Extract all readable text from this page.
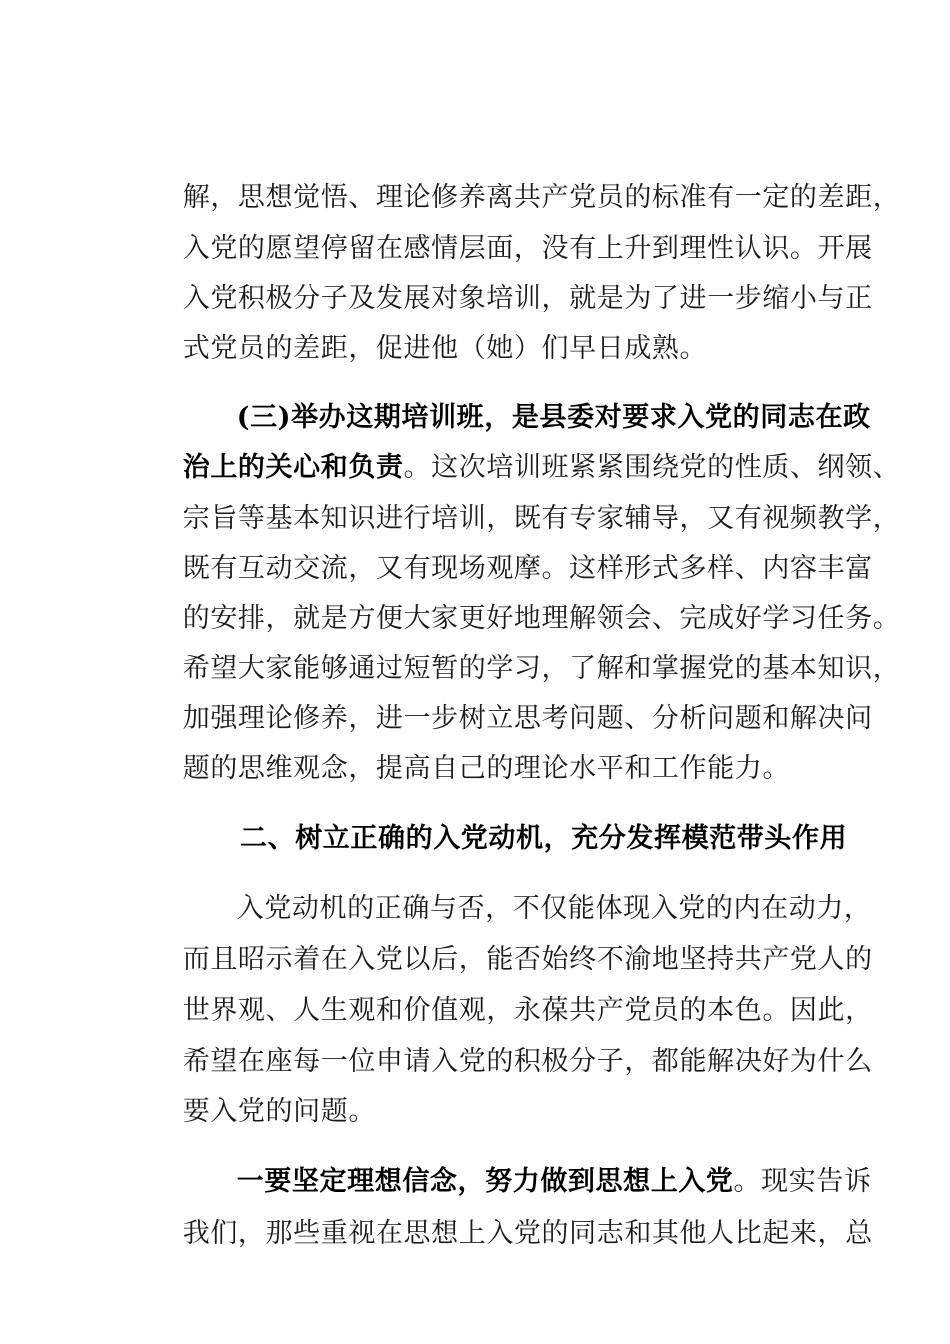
解，思想觉悟、理论修养离共产党员的标准有一定的差距，

入党的愿望停留在感情层面，没有上升到理性认识。开展

入党积极分子及发展对象培训，就是为了进一步缩小与正

式党员的差距，促进他（她）们早日成熟。

(三)举办这期培训班，是县委对要求入党的同志在政

治上的关心和负责。这次培训班紧紧围绕党的性质、纲领、

宗旨等基本知识进行培训，既有专家辅导，又有视频教学，

既有互动交流，又有现场观摩。这样形式多样、内容丰富

的安排，就是方便大家更好地理解领会、完成好学习任务。

希望大家能够通过短暂的学习，了解和掌握党的基本知识，

加强理论修养，进一步树立思考问题、分析问题和解决问

题的思维观念，提高自己的理论水平和工作能力。

二、树立正确的入党动机，充分发挥模范带头作用

入党动机的正确与否，不仅能体现入党的内在动力，

而且昭示着在入党以后，能否始终不渝地坚持共产党人的

世界观、人生观和价值观，永葆共产党员的本色。因此，

希望在座每一位申请入党的积极分子，都能解决好为什么

要入党的问题。

一要坚定理想信念，努力做到思想上入党。现实告诉

我们，那些重视在思想上入党的同志和其他人比起来，总
